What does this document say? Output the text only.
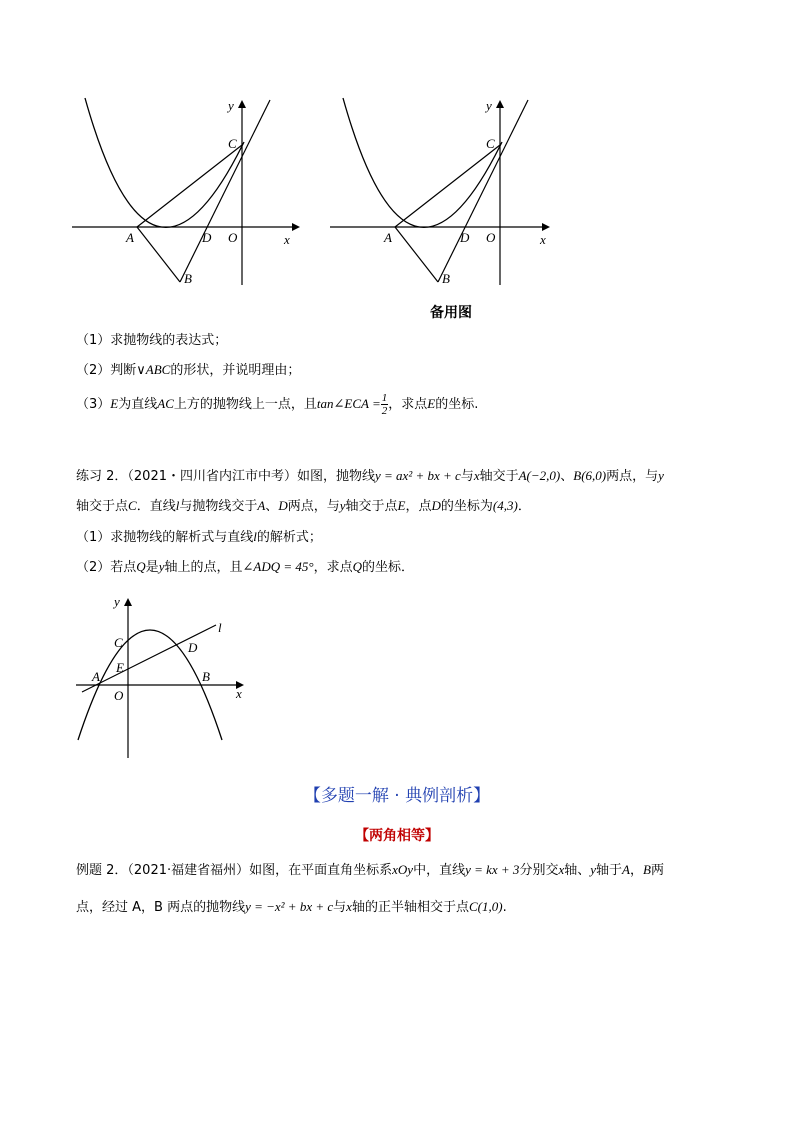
y
x
C
A	D O
B
y
x
C
A	D O
B
备用图
（1）求抛物线的表达式；
（2）判断∨ABC的形状，并说明理由；
（3）E为直线AC上方的抛物线上一点，且tan∠ECA = $\frac{1}{2}$ ，求点E的坐标.
练习 2．（2021・四川省内江市中考）如图，抛物线y = ax² + bx + c与x轴交于A(−2,0)、B(6,0)两点，与y
轴交于点C．直线l与抛物线交于A、D两点，与y轴交于点E，点D的坐标为(4,3)．
（1）求抛物线的解析式与直线l的解析式；
（2）若点Q是y轴上的点，且∠ADQ = 45°，求点Q的坐标．
y
x
l
C
E
A
O
D
B
【多题一解 · 典例剖析】
【两角相等】
例题 2．（2021·福建省福州）如图，在平面直角坐标系xOy中，直线y = kx + 3分别交x轴、y轴于A，B两
点，经过 A，B 两点的抛物线y = −x² + bx + c与x轴的正半轴相交于点C(1,0).
